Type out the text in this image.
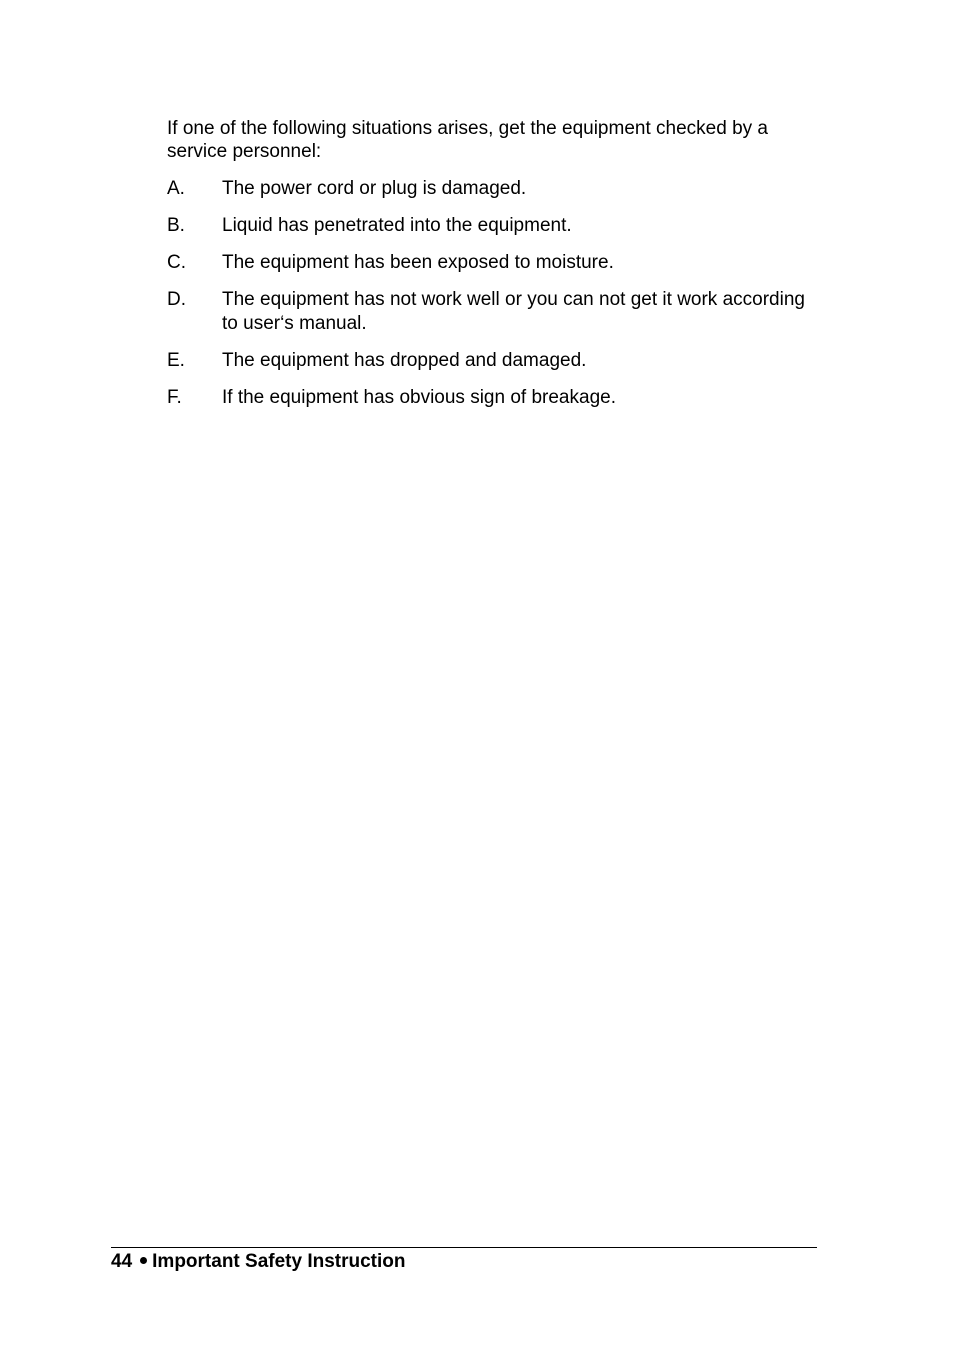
If one of the following situations arises, get the equipment checked by a service personnel:

A.	The power cord or plug is damaged.
B.	Liquid has penetrated into the equipment.
C.	The equipment has been exposed to moisture.
D.	The equipment has not work well or you can not get it work according to user‘s manual.
E.	The equipment has dropped and damaged.
F.	If the equipment has obvious sign of breakage.
44 Important Safety Instruction
